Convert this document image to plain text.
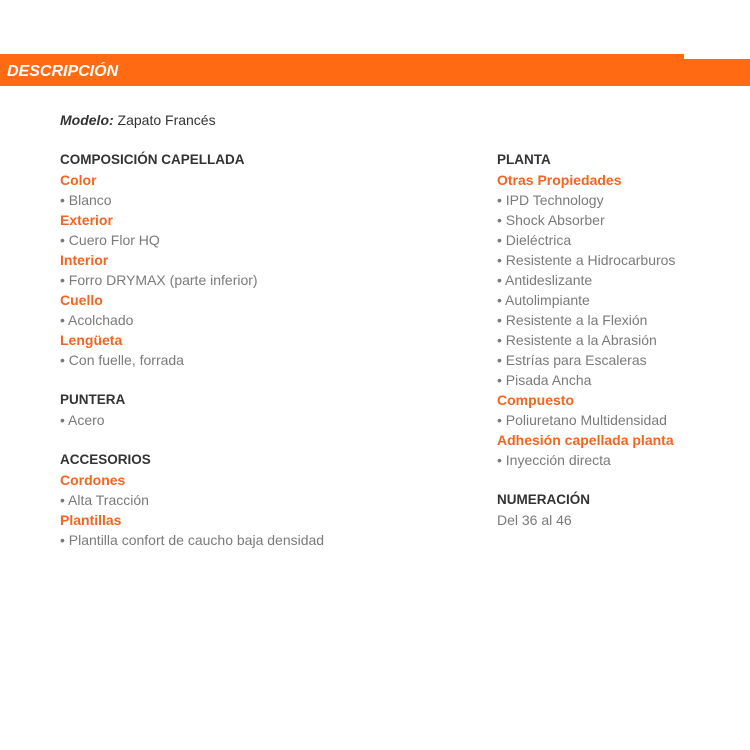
DESCRIPCIÓN
Modelo: Zapato Francés
COMPOSICIÓN CAPELLADA
Color
• Blanco
Exterior
• Cuero Flor HQ
Interior
• Forro DRYMAX (parte inferior)
Cuello
• Acolchado
Lengüeta
• Con fuelle, forrada
PUNTERA
• Acero
ACCESORIOS
Cordones
• Alta Tracción
Plantillas
• Plantilla confort de caucho baja densidad
PLANTA
Otras Propiedades
• IPD Technology
• Shock Absorber
• Dieléctrica
• Resistente a Hidrocarburos
• Antideslizante
• Autolimpiante
• Resistente a la Flexión
• Resistente a la Abrasión
• Estrías para Escaleras
• Pisada Ancha
Compuesto
• Poliuretano Multidensidad
Adhesión capellada planta
• Inyección directa
NUMERACIÓN
Del 36 al 46
